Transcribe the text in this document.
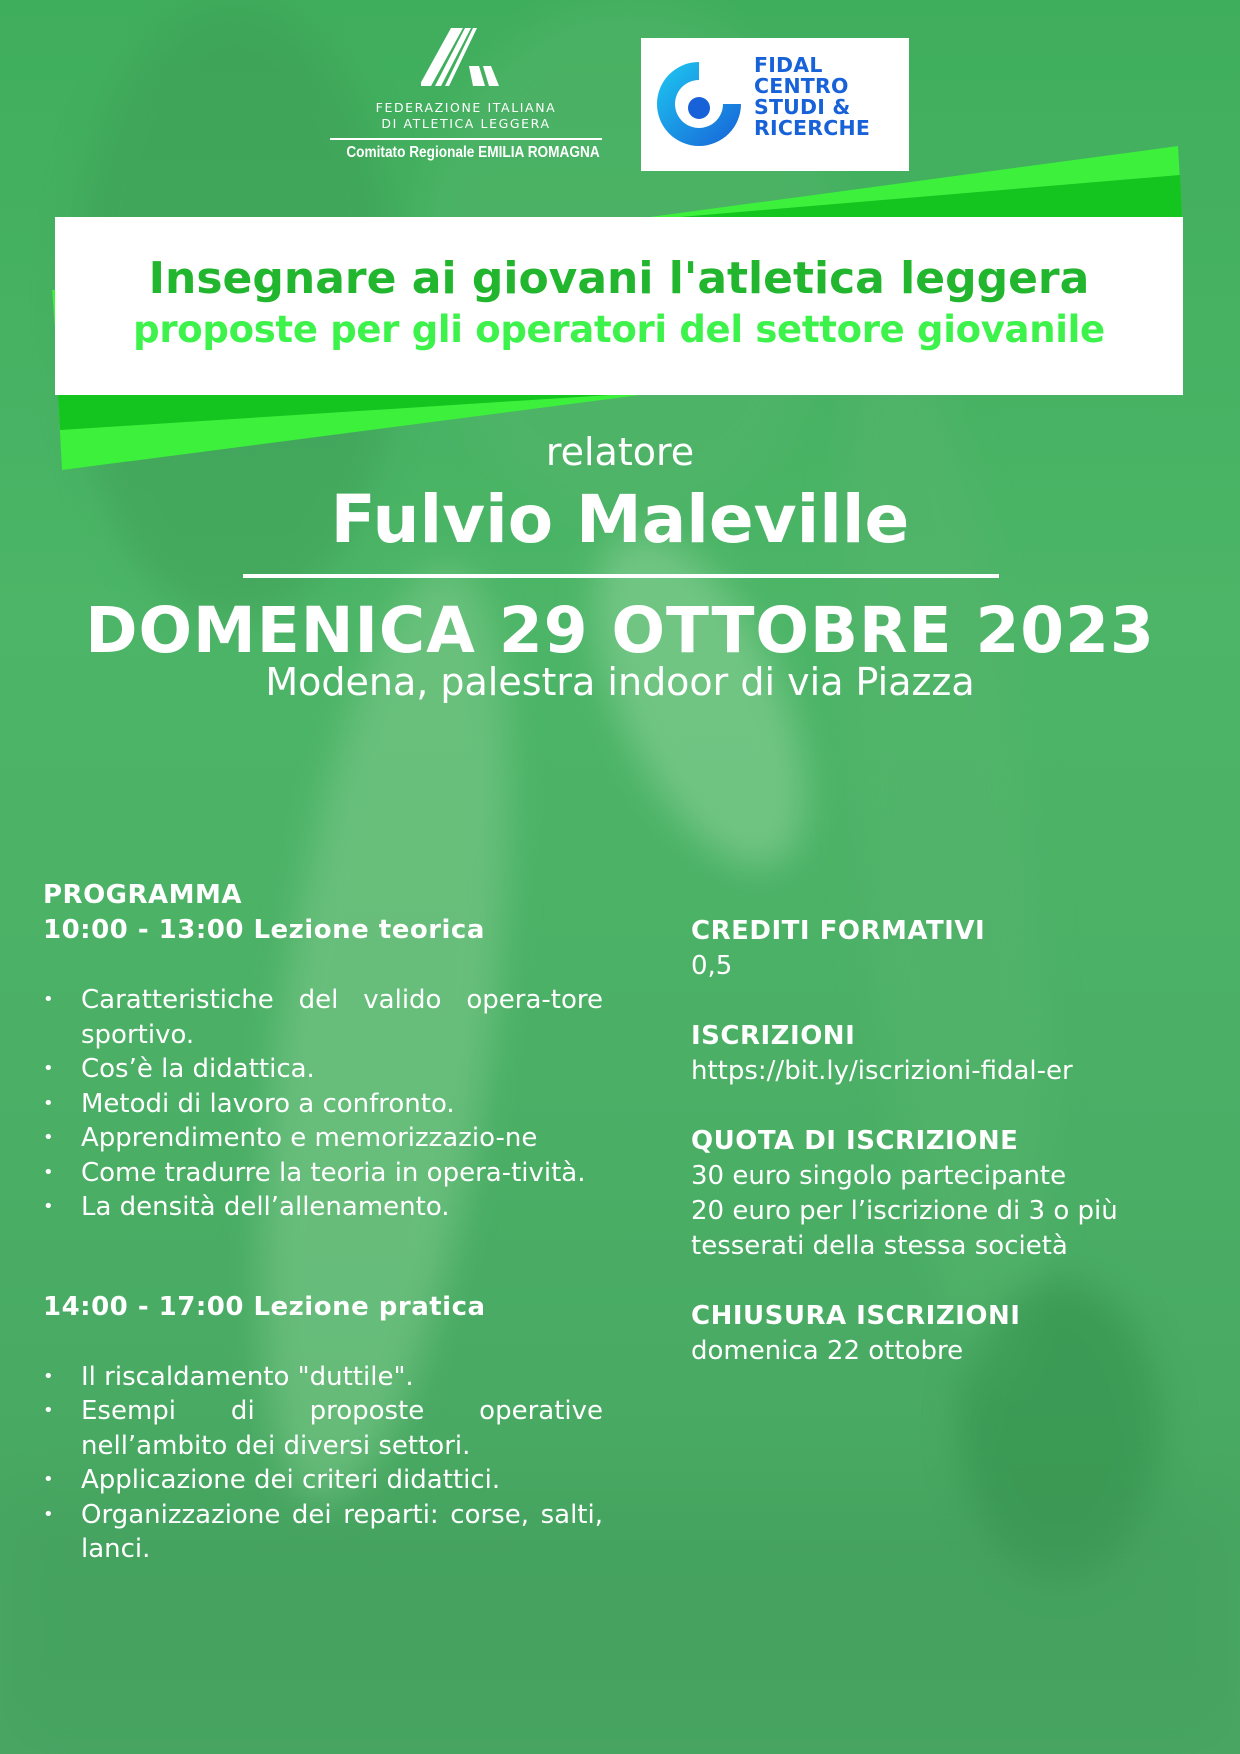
FEDERAZIONE ITALIANA
DI ATLETICA LEGGERA
Comitato Regionale EMILIA ROMAGNA
FIDAL
CENTRO
STUDI &
RICERCHE
Insegnare ai giovani l'atletica leggera
proposte per gli operatori del settore giovanile
relatore
Fulvio Maleville
DOMENICA 29 OTTOBRE 2023
Modena, palestra indoor di via Piazza
PROGRAMMA
10:00 - 13:00 Lezione teorica
• Caratteristiche del valido opera-tore sportivo.
• Cos’è la didattica.
• Metodi di lavoro a confronto.
• Apprendimento e memorizzazio-ne
• Come tradurre la teoria in opera-tività.
• La densità dell’allenamento.
14:00 - 17:00 Lezione pratica
• Il riscaldamento "duttile".
• Esempi di proposte operative nell’ambito dei diversi settori.
• Applicazione dei criteri didattici.
• Organizzazione dei reparti: corse, salti, lanci.
CREDITI FORMATIVI
0,5
ISCRIZIONI
https://bit.ly/iscrizioni-fidal-er
QUOTA DI ISCRIZIONE
30 euro singolo partecipante
20 euro per l’iscrizione di 3 o più
tesserati della stessa società
CHIUSURA ISCRIZIONI
domenica 22 ottobre
